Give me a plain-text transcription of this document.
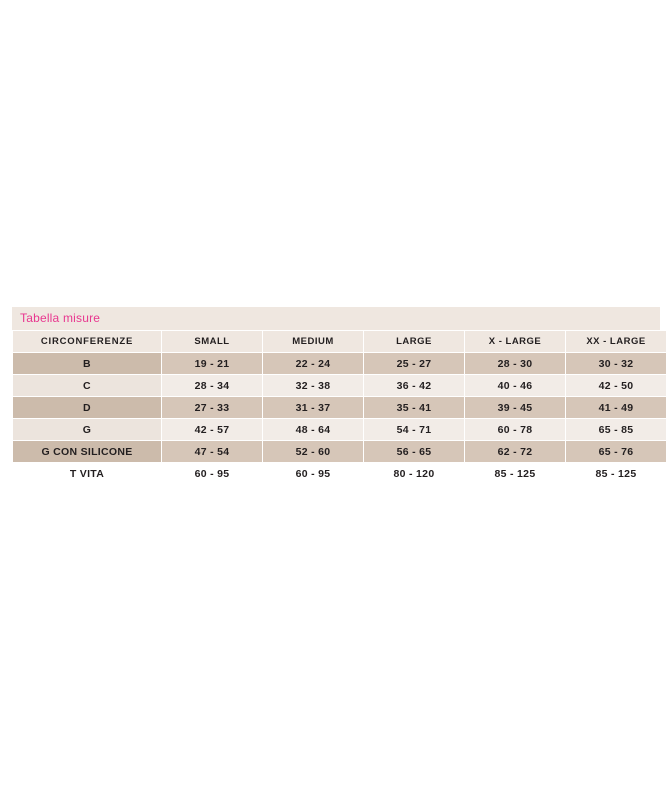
Tabella misure
CIRCONFERENZE	SMALL	MEDIUM	LARGE	X - LARGE	XX - LARGE
B	19 - 21	22 - 24	25 - 27	28 - 30	30 - 32
C	28 - 34	32 - 38	36 - 42	40 - 46	42 - 50
D	27 - 33	31 - 37	35 - 41	39 - 45	41 - 49
G	42 - 57	48 - 64	54 - 71	60 - 78	65 - 85
G CON SILICONE	47 - 54	52 - 60	56 - 65	62 - 72	65 - 76
T VITA	60 - 95	60 - 95	80 - 120	85 - 125	85 - 125
